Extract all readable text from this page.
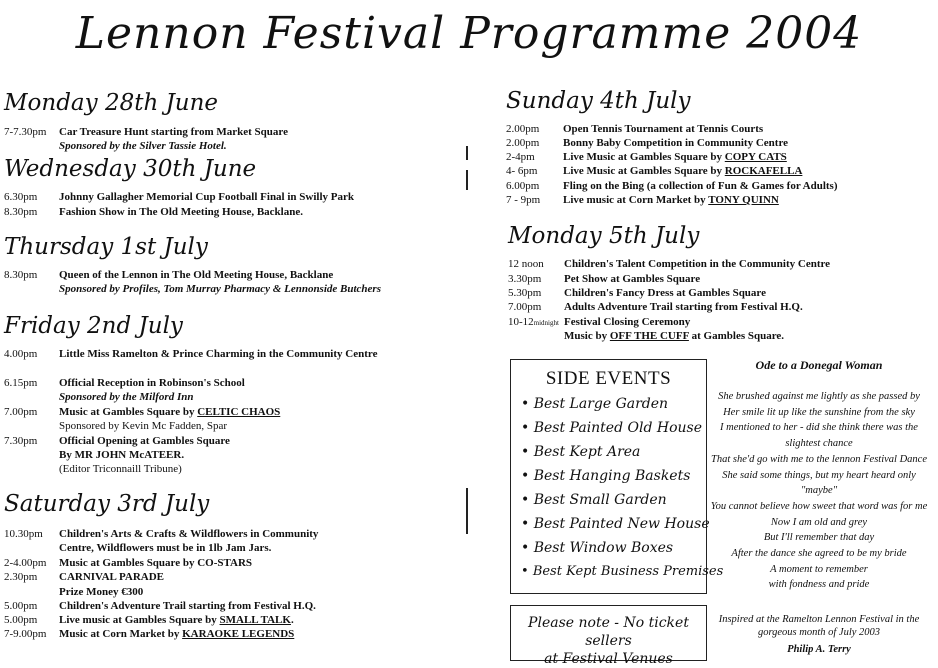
Lennon Festival Programme 2004
Monday 28th June
7-7.30pm Car Treasure Hunt starting from Market Square
Sponsored by the Silver Tassie Hotel.
Wednesday 30th June
6.30pm Johnny Gallagher Memorial Cup Football Final in Swilly Park
8.30pm Fashion Show in The Old Meeting House, Backlane.
Thursday 1st July
8.30pm Queen of the Lennon in The Old Meeting House, Backlane
Sponsored by Profiles, Tom Murray Pharmacy & Lennonside Butchers
Friday 2nd July
4.00pm Little Miss Ramelton & Prince Charming in the Community Centre
6.15pm Official Reception in Robinson's School
Sponsored by the Milford Inn
7.00pm Music at Gambles Square by CELTIC CHAOS
Sponsored by Kevin Mc Fadden, Spar
7.30pm Official Opening at Gambles Square
By MR JOHN McATEER.
(Editor Triconnaill Tribune)
Saturday 3rd July
10.30pm Children's Arts & Crafts & Wildflowers in Community
Centre, Wildflowers must be in 1lb Jam Jars.
2-4.00pm Music at Gambles Square by CO-STARS
2.30pm CARNIVAL PARADE
Prize Money €300
5.00pm Children's Adventure Trail starting from Festival H.Q.
5.00pm Live music at Gambles Square by SMALL TALK.
7-9.00pm Music at Corn Market by KARAOKE LEGENDS
Sunday 4th July
2.00pm Open Tennis Tournament at Tennis Courts
2.00pm Bonny Baby Competition in Community Centre
2-4pm	Live Music at Gambles Square by COPY CATS
4- 6pm Live Music at Gambles Square by ROCKAFELLA
6.00pm Fling on the Bing (a collection of Fun & Games for Adults)
7 - 9pm Live music at Corn Market by TONY QUINN
Monday 5th July
12 noon Children's Talent Competition in the Community Centre
3.30pm Pet Show at Gambles Square
5.30pm Children's Fancy Dress at Gambles Square
7.00pm Adults Adventure Trail starting from Festival H.Q.
10-12midnight Festival Closing Ceremony
Music by OFF THE CUFF at Gambles Square.
SIDE EVENTS
• Best Large Garden
• Best Painted Old House
• Best Kept Area
• Best Hanging Baskets
• Best Small Garden
• Best Painted New House
• Best Window Boxes
• Best Kept Business Premises
Please note - No ticket sellers
at Festival Venues
Ode to a Donegal Woman
She brushed against me lightly as she passed by
Her smile lit up like the sunshine from the sky
I mentioned to her - did she think there was the
slightest chance
That she'd go with me to the lennon Festival Dance
She said some things, but my heart heard only
"maybe"
You cannot believe how sweet that word was for me
Now I am old and grey
But I'll remember that day
After the dance she agreed to be my bride
A moment to remember
with fondness and pride
Inspired at the Ramelton Lennon Festival in the
gorgeous month of July 2003
Philip A. Terry
